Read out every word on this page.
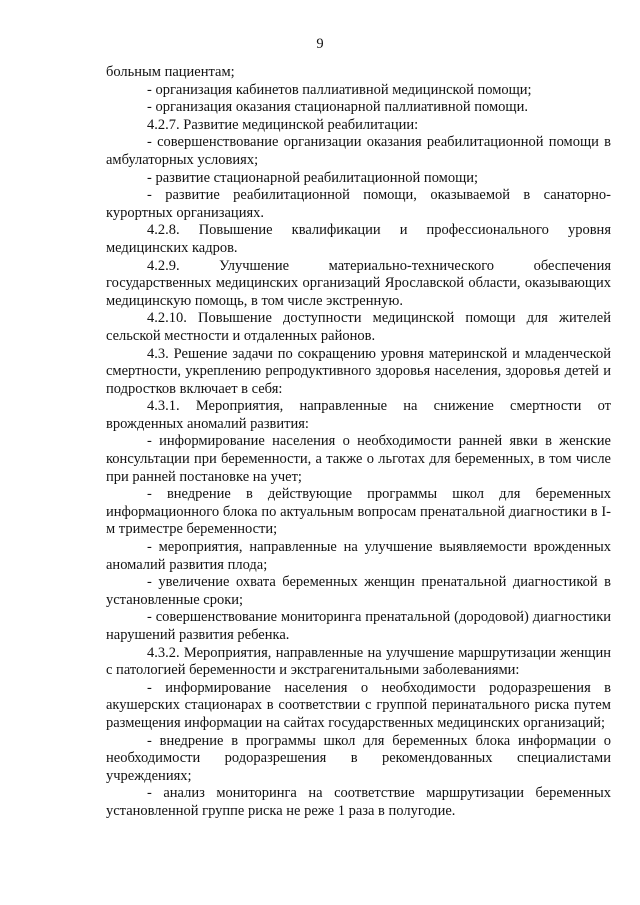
9

больным пациентам;

- организация кабинетов паллиативной медицинской помощи;

- организация оказания стационарной паллиативной помощи.

4.2.7. Развитие медицинской реабилитации:

- совершенствование организации оказания реабилитационной помощи в амбулаторных условиях;

- развитие стационарной реабилитационной помощи;

- развитие реабилитационной помощи, оказываемой в санаторно-курортных организациях.

4.2.8. Повышение квалификации и профессионального уровня медицинских кадров.

4.2.9. Улучшение материально-технического обеспечения государственных медицинских организаций Ярославской области, оказывающих медицинскую помощь, в том числе экстренную.

4.2.10. Повышение доступности медицинской помощи для жителей сельской местности и отдаленных районов.

4.3. Решение задачи по сокращению уровня материнской и младенческой смертности, укреплению репродуктивного здоровья населения, здоровья детей и подростков включает в себя:

4.3.1. Мероприятия, направленные на снижение смертности от врожденных аномалий развития:

- информирование населения о необходимости ранней явки в женские консультации при беременности, а также о льготах для беременных, в том числе при ранней постановке на учет;

- внедрение в действующие программы школ для беременных информационного блока по актуальным вопросам пренатальной диагностики в I-м триместре беременности;

- мероприятия, направленные на улучшение выявляемости врожденных аномалий развития плода;

- увеличение охвата беременных женщин пренатальной диагностикой в установленные сроки;

- совершенствование мониторинга пренатальной (дородовой) диагностики нарушений развития ребенка.

4.3.2. Мероприятия, направленные на улучшение маршрутизации женщин с патологией беременности и экстрагенитальными заболеваниями:

- информирование населения о необходимости родоразрешения в акушерских стационарах в соответствии с группой перинатального риска путем размещения информации на сайтах государственных медицинских организаций;

- внедрение в программы школ для беременных блока информации о необходимости родоразрешения в рекомендованных специалистами учреждениях;

- анализ мониторинга на соответствие маршрутизации беременных установленной группе риска не реже 1 раза в полугодие.
